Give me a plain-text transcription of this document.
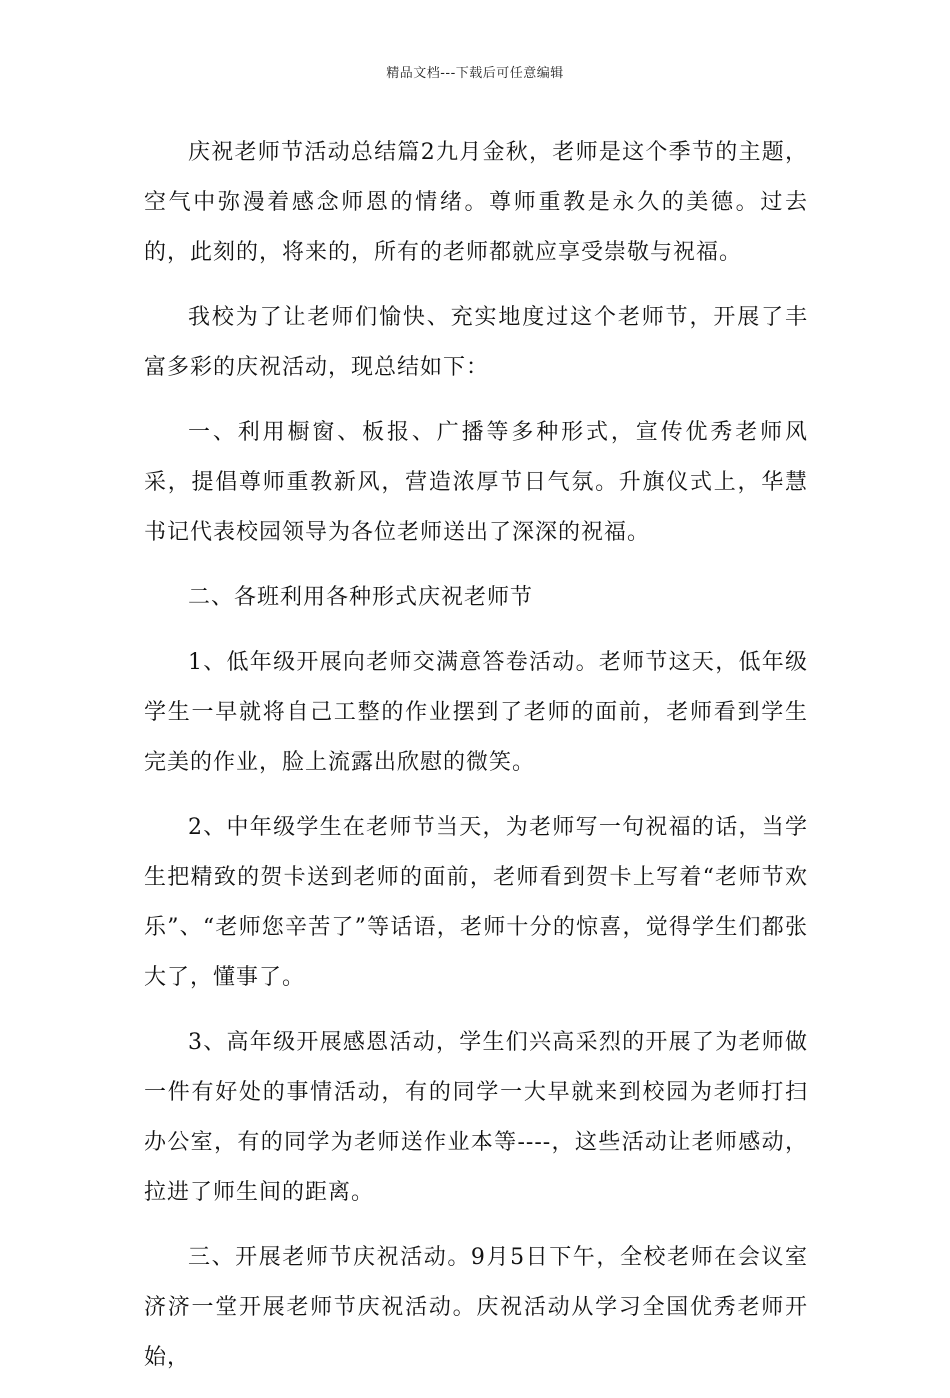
精品文档---下载后可任意编辑

庆祝老师节活动总结篇2九月金秋，老师是这个季节的主题，空气中弥漫着感念师恩的情绪。尊师重教是永久的美德。过去的，此刻的，将来的，所有的老师都就应享受崇敬与祝福。

我校为了让老师们愉快、充实地度过这个老师节，开展了丰富多彩的庆祝活动，现总结如下：

一、利用橱窗、板报、广播等多种形式，宣传优秀老师风采，提倡尊师重教新风，营造浓厚节日气氛。升旗仪式上，华慧书记代表校园领导为各位老师送出了深深的祝福。

二、各班利用各种形式庆祝老师节

1、低年级开展向老师交满意答卷活动。老师节这天，低年级学生一早就将自己工整的作业摆到了老师的面前，老师看到学生完美的作业，脸上流露出欣慰的微笑。

2、中年级学生在老师节当天，为老师写一句祝福的话，当学生把精致的贺卡送到老师的面前，老师看到贺卡上写着“老师节欢乐”、“老师您辛苦了”等话语，老师十分的惊喜，觉得学生们都张大了，懂事了。

3、高年级开展感恩活动，学生们兴高采烈的开展了为老师做一件有好处的事情活动，有的同学一大早就来到校园为老师打扫办公室，有的同学为老师送作业本等----，这些活动让老师感动，拉进了师生间的距离。

三、开展老师节庆祝活动。9月5日下午，全校老师在会议室济济一堂开展老师节庆祝活动。庆祝活动从学习全国优秀老师开始，
